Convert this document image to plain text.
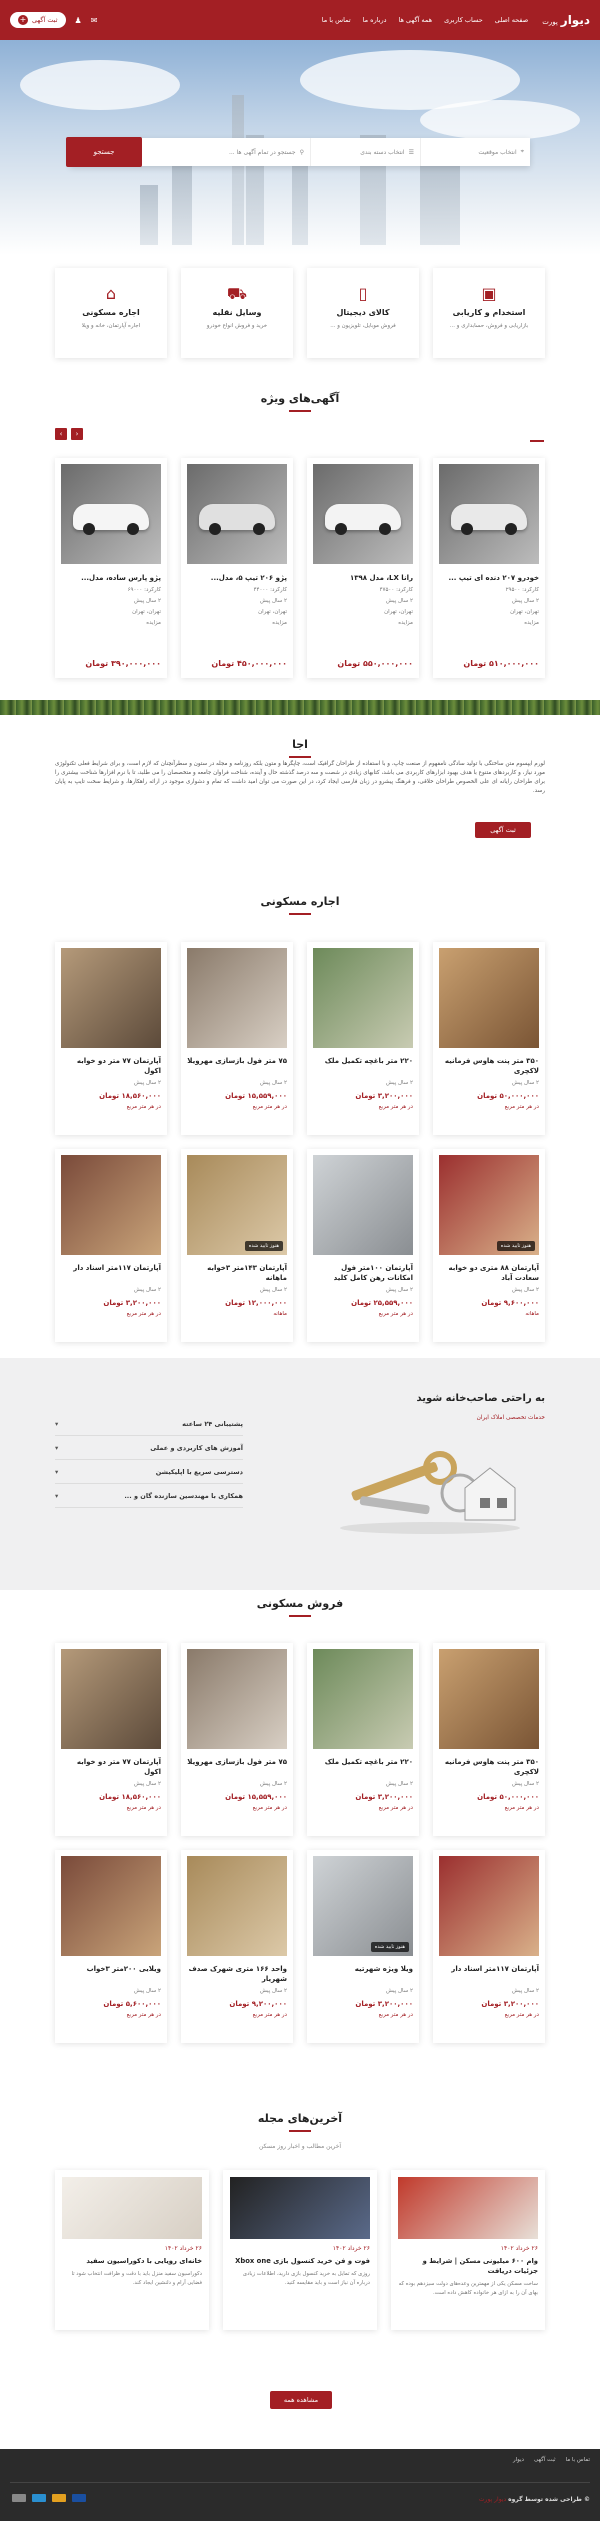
دیوارپورت
صفحه اصلی
حساب کاربری
همه آگهی ها
درباره ما
تماس با ما
✉
♟
ثبت آگهی
+
⌖
انتخاب موقعیت
☰
انتخاب دسته بندی
⚲
جستجو در تمام آگهی ها ...
جستجو
▣
استخدام و کاریابی
بازاریابی و فروش، حسابداری و ...
▯
کالای دیجیتال
فروش موبایل، تلویزیون و ...
⛟
وسایل نقلیه
خرید و فروش انواع خودرو
⌂
اجاره مسکونی
اجاره آپارتمان، خانه و ویلا
آگهی‌های ویژه
‹
›
خودرو ۲۰۷ دنده ای تیپ ...
کارکرد: ۲۹۵۰۰
۲ سال پیش
تهران، تهران
مزایده
۵۱۰,۰۰۰,۰۰۰ تومان
رانا LX، مدل ۱۳۹۸
کارکرد: ۴۷۵۰۰
۲ سال پیش
تهران، تهران
مزایده
۵۵۰,۰۰۰,۰۰۰ تومان
پژو ۲۰۶ تیپ ۵، مدل...
کارکرد: ۴۴۰۰۰
۲ سال پیش
تهران، تهران
مزایده
۴۵۰,۰۰۰,۰۰۰ تومان
پژو پارس ساده، مدل...
کارکرد: ۶۹۰۰۰
۲ سال پیش
تهران، تهران
مزایده
۳۹۰,۰۰۰,۰۰۰ تومان
اجا
لورم ایپسوم متن ساختگی با تولید سادگی نامفهوم از صنعت چاپ، و با استفاده از طراحان گرافیک است، چاپگرها و متون بلکه روزنامه و مجله در ستون و سطرآنچنان که لازم است، و برای شرایط فعلی تکنولوژی مورد نیاز، و کاربردهای متنوع با هدف بهبود ابزارهای کاربردی می باشد، کتابهای زیادی در شصت و سه درصد گذشته حال و آینده، شناخت فراوان جامعه و متخصصان را می طلبد، تا با نرم افزارها شناخت بیشتری را برای طراحان رایانه ای علی الخصوص طراحان خلاقی، و فرهنگ پیشرو در زبان فارسی ایجاد کرد، در این صورت می توان امید داشت که تمام و دشواری موجود در ارائه راهکارها، و شرایط سخت تایپ به پایان رسد.
ثبت آگهی
اجاره مسکونی
۳۵۰ متر پنت هاوس فرمانیه لاکچری
۲ سال پیش
۵۰,۰۰۰,۰۰۰ تومان
در هر متر مربع
۲۲۰ متر باغچه تکمیل ملک
۲ سال پیش
۳,۲۰۰,۰۰۰ تومان
در هر متر مربع
۷۵ متر فول بازسازی مهرویلا
۲ سال پیش
۱۵,۵۵۹,۰۰۰ تومان
در هر متر مربع
آپارتمان ۷۷ متر دو خوابه اکول
۲ سال پیش
۱۸,۵۶۰,۰۰۰ تومان
در هر متر مربع
هنوز تایید شده
آپارتمان ۸۸ متری دو خوابه سعادت آباد
۲ سال پیش
۹,۶۰۰,۰۰۰ تومان
ماهانه
آپارتمان ۱۰۰متر فول امکانات رهن کامل کلید
۲ سال پیش
۲۵,۵۵۹,۰۰۰ تومان
در هر متر مربع
هنوز تایید شده
آپارتمان ۱۴۳متر ۳خوابه ماهانه
۲ سال پیش
۱۲,۰۰۰,۰۰۰ تومان
ماهانه
آپارتمان ۱۱۷متر اسناد دار
۲ سال پیش
۳,۲۰۰,۰۰۰ تومان
در هر متر مربع
به راحتی صاحب‌خانه شوید
خدمات تخصصی املاک ایران
پشتیبانی ۲۴ ساعته
▾
آموزش های کاربردی و عملی
▾
دسترسی سریع با اپلیکیشن
▾
همکاری با مهندسین سازنده گان و ...
▾
فروش مسکونی
۳۵۰ متر پنت هاوس فرمانیه لاکچری
۲ سال پیش
۵۰,۰۰۰,۰۰۰ تومان
در هر متر مربع
۲۲۰ متر باغچه تکمیل ملک
۲ سال پیش
۳,۲۰۰,۰۰۰ تومان
در هر متر مربع
۷۵ متر فول بازسازی مهرویلا
۲ سال پیش
۱۵,۵۵۹,۰۰۰ تومان
در هر متر مربع
آپارتمان ۷۷ متر دو خوابه اکول
۲ سال پیش
۱۸,۵۶۰,۰۰۰ تومان
در هر متر مربع
آپارتمان ۱۱۷متر اسناد دار
۲ سال پیش
۳,۲۰۰,۰۰۰ تومان
در هر متر مربع
هنوز تایید شده
ویلا ویژه شهرتیه
۲ سال پیش
۳,۲۰۰,۰۰۰ تومان
در هر متر مربع
واحد ۱۶۶ متری شهرک صدف شهریار
۲ سال پیش
۹,۲۰۰,۰۰۰ تومان
در هر متر مربع
ویلایی ۲۰۰متر ۳خواب
۲ سال پیش
۵,۶۰۰,۰۰۰ تومان
در هر متر مربع
آخرین‌های مجله
آخرین مطالب و اخبار روز مسکن
۲۶ خرداد ۱۴۰۲
وام ۶۰۰ میلیونی مسکن | شرایط و جزئیات دریافت
ساخت مسکن یکی از مهمترین وعده‌های دولت سیزدهم بوده که بهای آن را به ازای هر خانواده کاهش داده است.
۲۶ خرداد ۱۴۰۲
فوت و فن خرید کنسول بازی Xbox one
روزی که تمایل به خرید کنسول بازی دارید، اطلاعات زیادی درباره آن نیاز است و باید مقایسه کنید.
۲۶ خرداد ۱۴۰۲
خانه‌ای رویایی با دکوراسیون سفید
دکوراسیون سفید منزل باید با دقت و ظرافت انتخاب شود تا فضایی آرام و دلنشین ایجاد کند.
مشاهده همه
تماس با ما
ثبت آگهی
دیوار
© طراحی شده توسط گروه دیوار پورت
